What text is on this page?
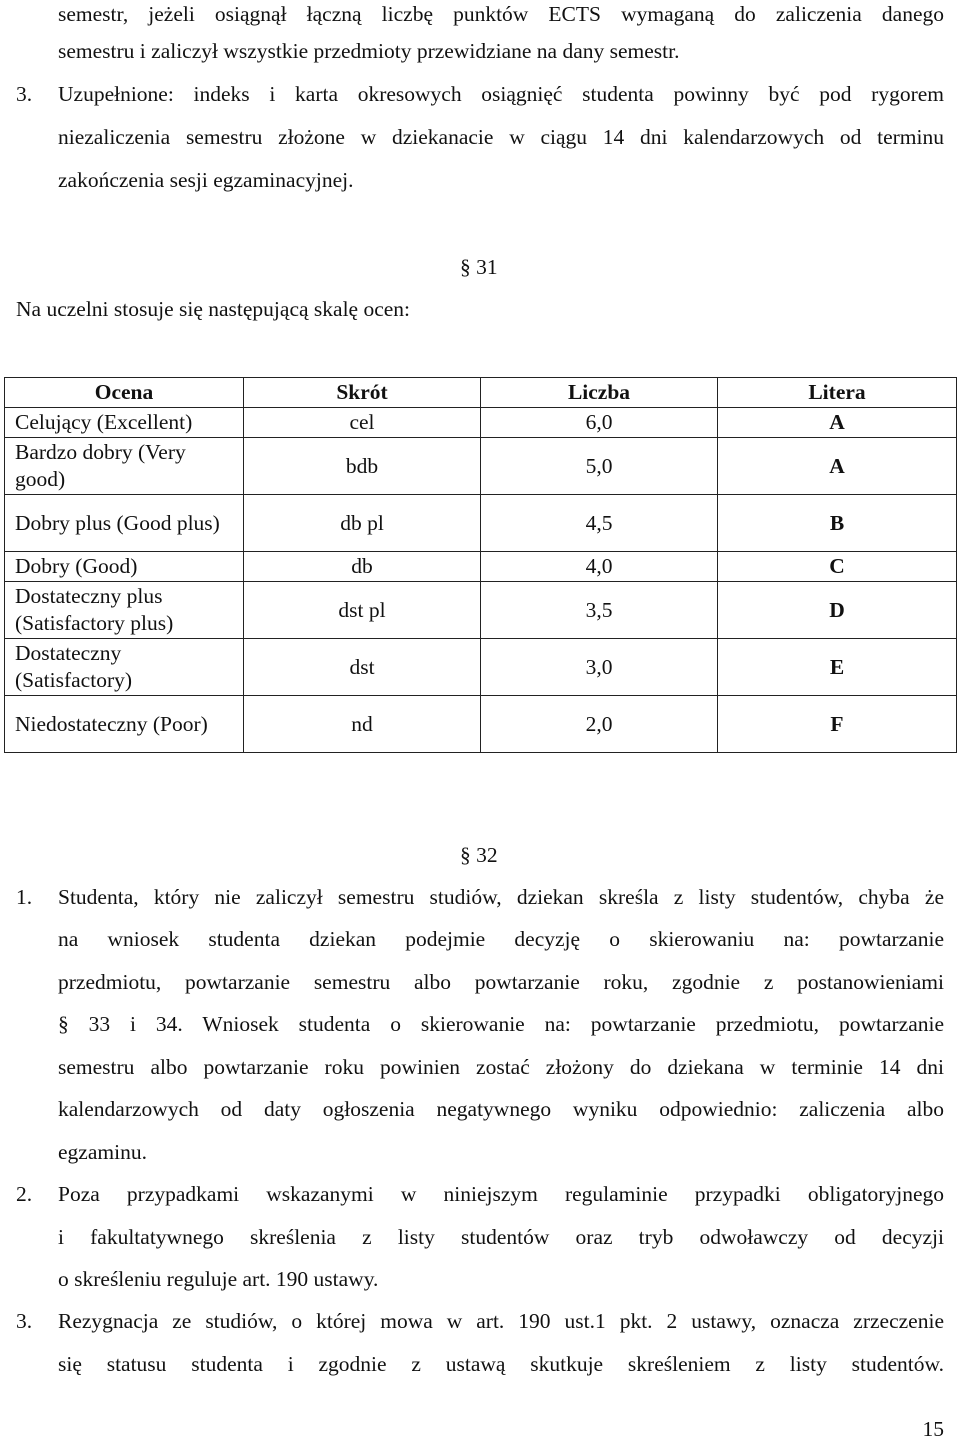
semestr, jeżeli osiągnął łączną liczbę punktów ECTS wymaganą do zaliczenia danego
semestru i zaliczył wszystkie przedmioty przewidziane na dany semestr.
3. Uzupełnione: indeks i karta okresowych osiągnięć studenta powinny być pod rygorem
niezaliczenia semestru złożone w dziekanacie w ciągu 14 dni kalendarzowych od terminu
zakończenia sesji egzaminacyjnej.
§ 31
Na uczelni stosuje się następującą skalę ocen:
Ocena	Skrót	Liczba	Litera
Celujący (Excellent)	cel	6,0	A
Bardzo dobry (Very good)	bdb	5,0	A
Dobry plus (Good plus)	db pl	4,5	B
Dobry (Good)	db	4,0	C
Dostateczny plus (Satisfactory plus)	dst pl	3,5	D
Dostateczny (Satisfactory)	dst	3,0	E
Niedostateczny (Poor)	nd	2,0	F
§ 32
1. Studenta, który nie zaliczył semestru studiów, dziekan skreśla z listy studentów, chyba że
na wniosek studenta dziekan podejmie decyzję o skierowaniu na: powtarzanie
przedmiotu, powtarzanie semestru albo powtarzanie roku, zgodnie z postanowieniami
§ 33 i 34. Wniosek studenta o skierowanie na: powtarzanie przedmiotu, powtarzanie
semestru albo powtarzanie roku powinien zostać złożony do dziekana w terminie 14 dni
kalendarzowych od daty ogłoszenia negatywnego wyniku odpowiednio: zaliczenia albo
egzaminu.
2. Poza przypadkami wskazanymi w niniejszym regulaminie przypadki obligatoryjnego
i fakultatywnego skreślenia z listy studentów oraz tryb odwoławczy od decyzji
o skreśleniu reguluje art. 190 ustawy.
3. Rezygnacja ze studiów, o której mowa w art. 190 ust.1 pkt. 2 ustawy, oznacza zrzeczenie
się statusu studenta i zgodnie z ustawą skutkuje skreśleniem z listy studentów.
15
